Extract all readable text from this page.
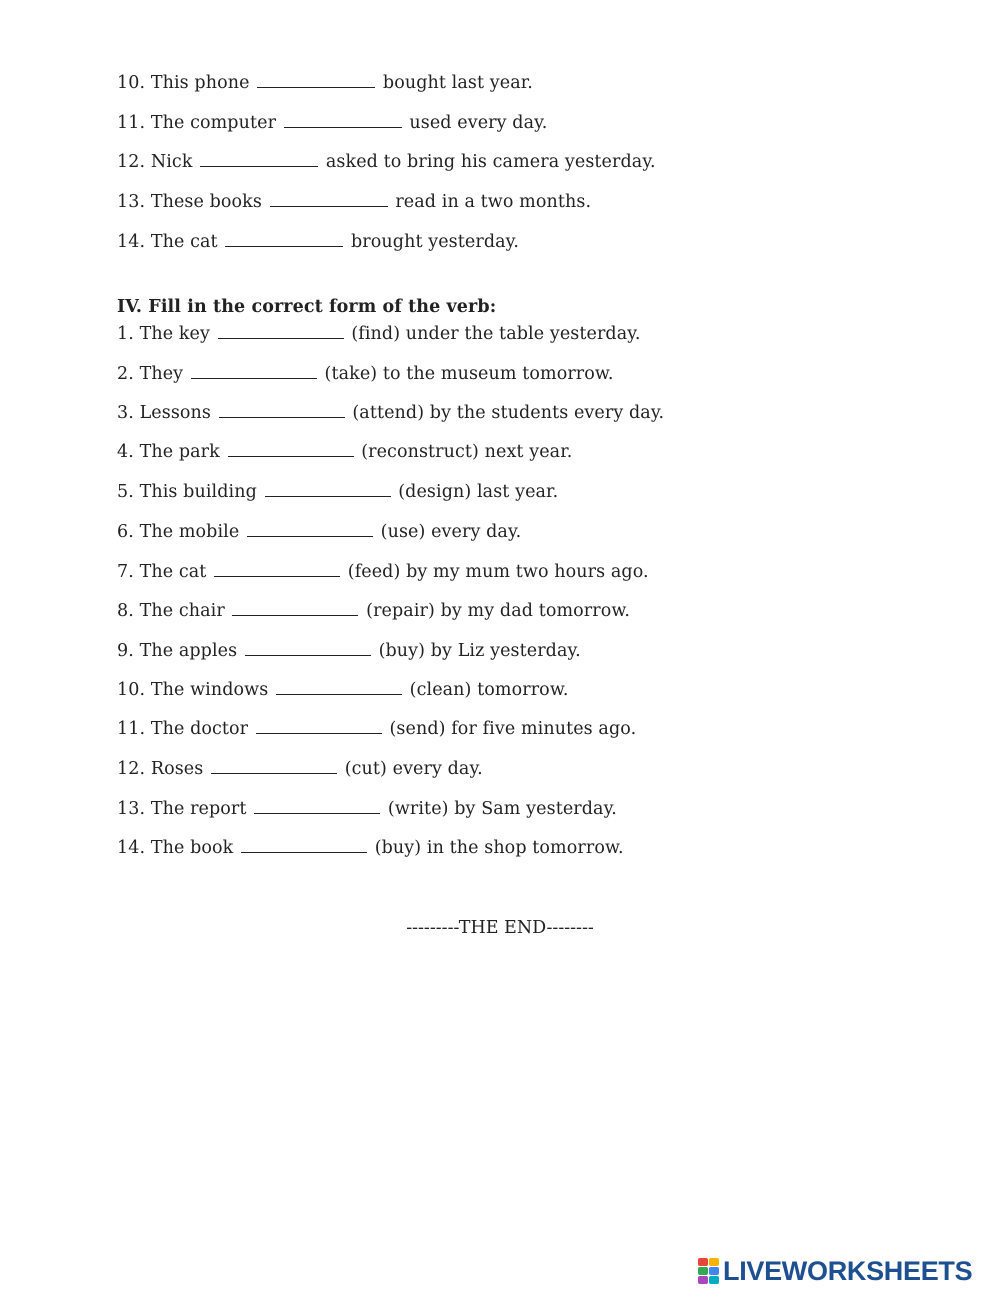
10. This phone	bought last year.
11. The computer	used every day.
12. Nick	asked to bring his camera yesterday.
13. These books	read in a two months.
14. The cat	brought yesterday.
IV. Fill in the correct form of the verb:
1. The key	(find) under the table yesterday.
2. They	(take) to the museum tomorrow.
3. Lessons	(attend) by the students every day.
4. The park	(reconstruct) next year.
5. This building	(design) last year.
6. The mobile	(use) every day.
7. The cat	(feed) by my mum two hours ago.
8. The chair	(repair) by my dad tomorrow.
9. The apples	(buy) by Liz yesterday.
10. The windows	(clean) tomorrow.
11. The doctor	(send) for five minutes ago.
12. Roses	(cut) every day.
13. The report	(write) by Sam yesterday.
14. The book	(buy) in the shop tomorrow.
---------THE END--------
LIVEWORKSHEETS
